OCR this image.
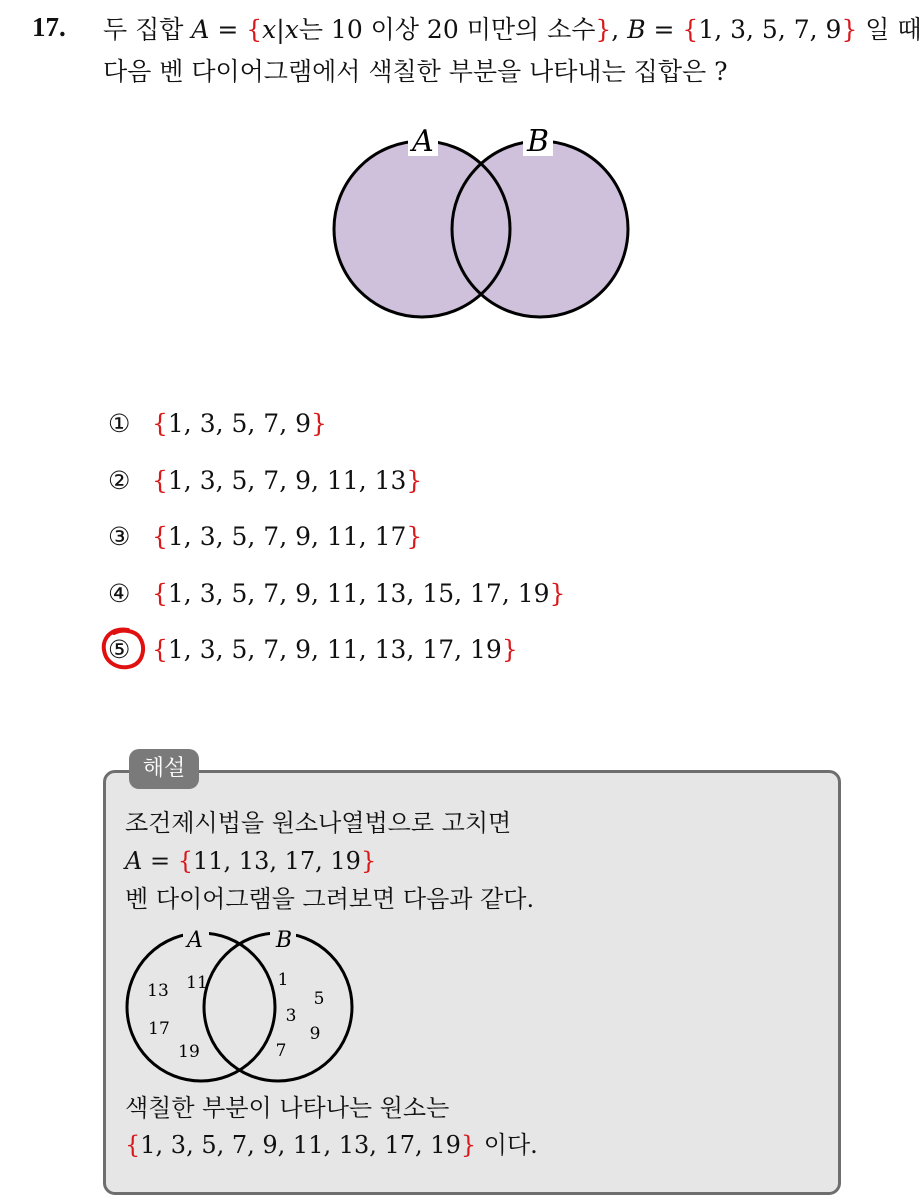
17. 두 집합 A = {x|x는 10 이상 20 미만의 소수}, B = {1, 3, 5, 7, 9} 일 때
다음 벤 다이어그램에서 색칠한 부분을 나타내는 집합은 ?
A	B
① {1, 3, 5, 7, 9}
② {1, 3, 5, 7, 9, 11, 13}
③ {1, 3, 5, 7, 9, 11, 17}
④ {1, 3, 5, 7, 9, 11, 13, 15, 17, 19}
⑤ {1, 3, 5, 7, 9, 11, 13, 17, 19}
해설
조건제시법을 원소나열법으로 고치면
A = {11, 13, 17, 19}
벤 다이어그램을 그려보면 다음과 같다.
A	B
13 11
17
19
1
5
3
9
7
색칠한 부분이 나타나는 원소는
{1, 3, 5, 7, 9, 11, 13, 17, 19} 이다.
